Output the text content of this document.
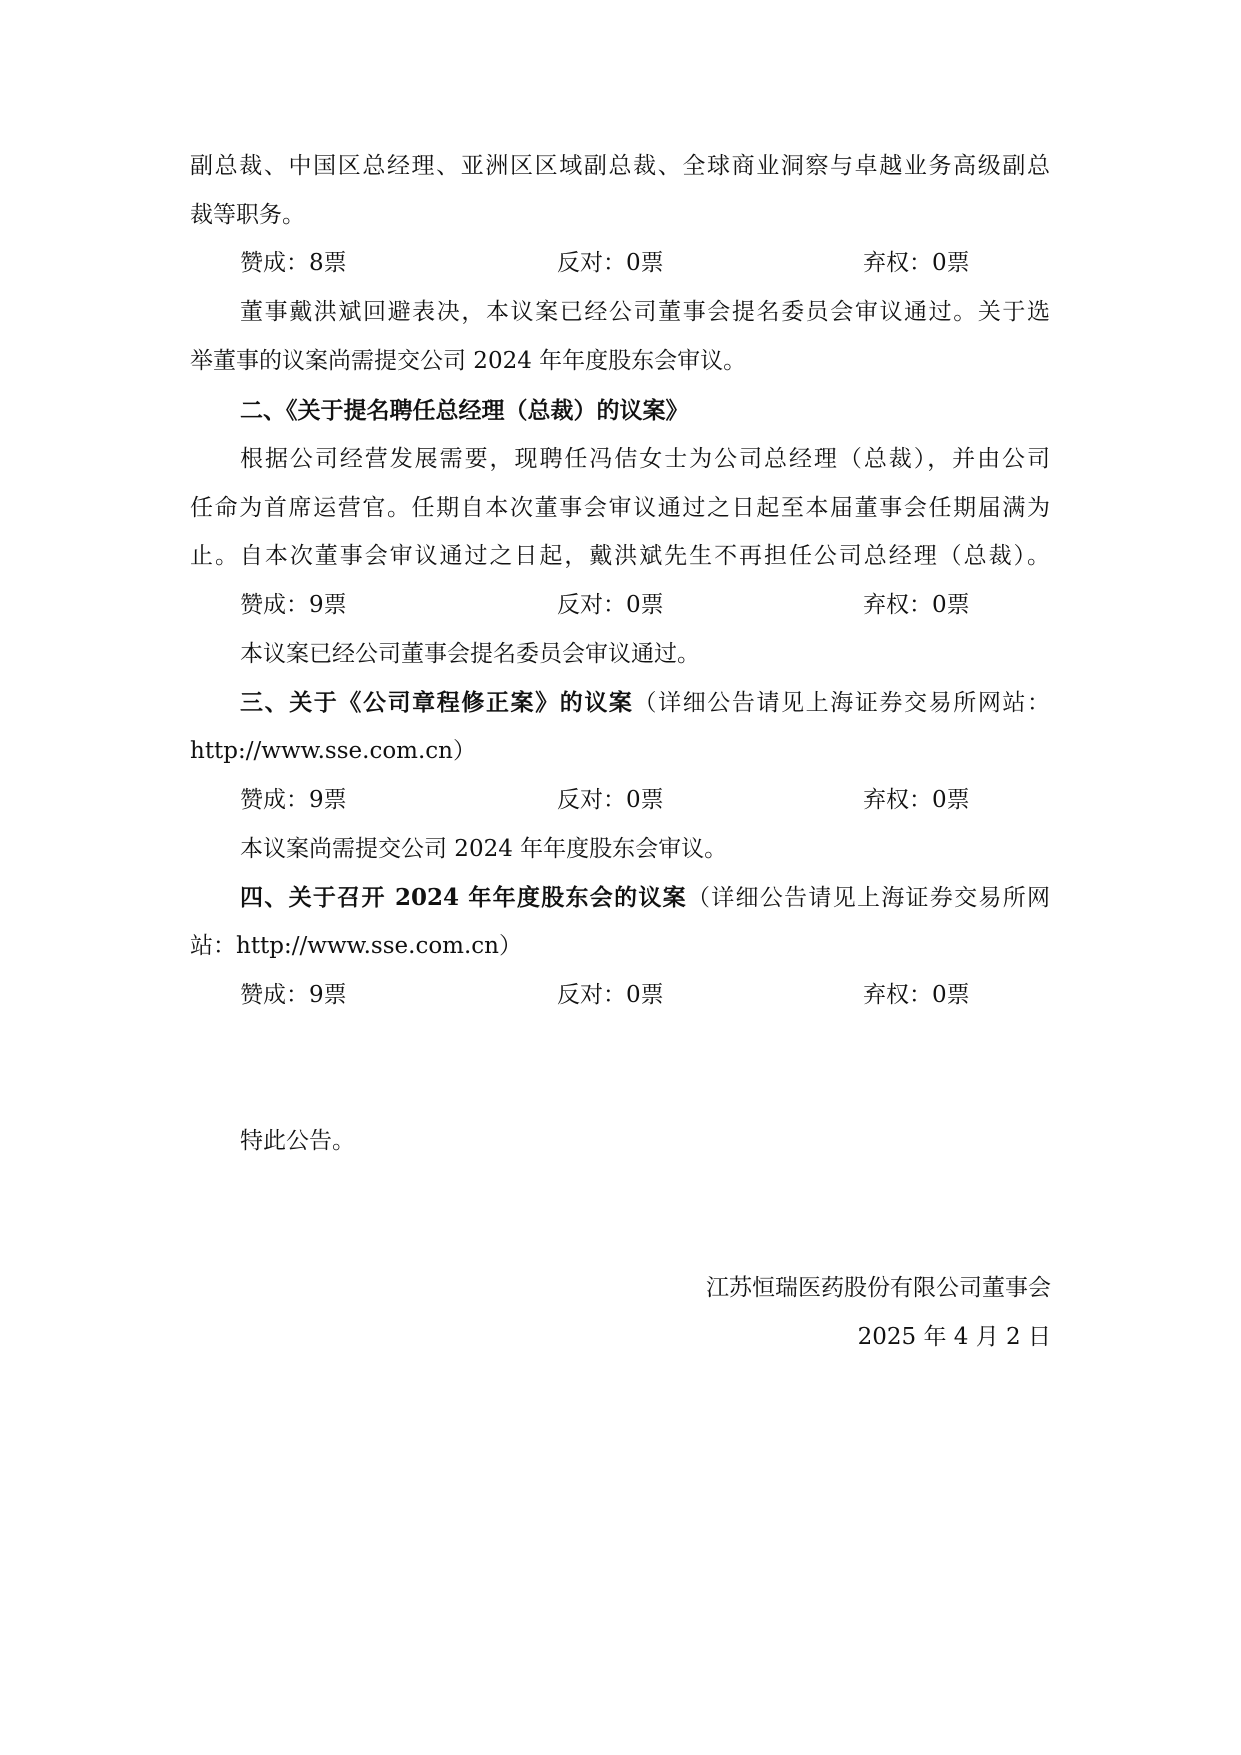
副总裁、中国区总经理、亚洲区区域副总裁、全球商业洞察与卓越业务高级副总

裁等职务。

赞成：8票	反对：0票	弃权：0票

董事戴洪斌回避表决，本议案已经公司董事会提名委员会审议通过。关于选

举董事的议案尚需提交公司 2024 年年度股东会审议。

二、《关于提名聘任总经理（总裁）的议案》

根据公司经营发展需要，现聘任冯佶女士为公司总经理（总裁），并由公司

任命为首席运营官。任期自本次董事会审议通过之日起至本届董事会任期届满为

止。自本次董事会审议通过之日起，戴洪斌先生不再担任公司总经理（总裁）。

赞成：9票	反对：0票	弃权：0票

本议案已经公司董事会提名委员会审议通过。

三、关于《公司章程修正案》的议案（详细公告请见上海证券交易所网站：

http://www.sse.com.cn）

赞成：9票	反对：0票	弃权：0票

本议案尚需提交公司 2024 年年度股东会审议。

四、关于召开 2024 年年度股东会的议案（详细公告请见上海证券交易所网

站：http://www.sse.com.cn）

赞成：9票	反对：0票	弃权：0票

特此公告。

江苏恒瑞医药股份有限公司董事会
2025 年 4 月 2 日
